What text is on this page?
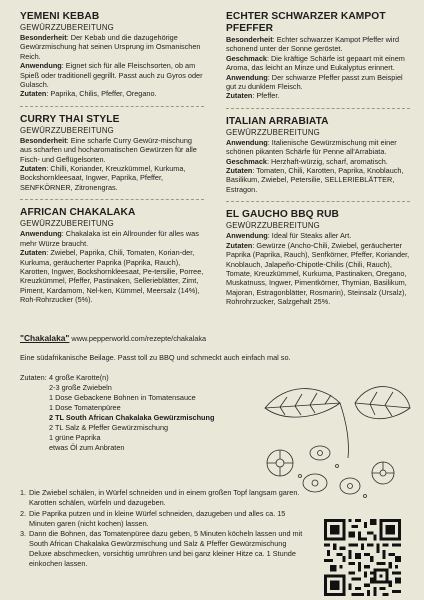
YEMENI KEBAB
GEWÜRZZUBEREITUNG

Besonderheit: Der Kebab und die dazugehörige Gewürzmischung hat seinen Ursprung im Osmanischen Reich.

Anwendung: Eignet sich für alle Fleischsorten, ob am Spieß oder traditionell gegrillt. Passt auch zu Gyros oder Gulasch.

Zutaten: Paprika, Chilis, Pfeffer, Oregano.

CURRY THAI STYLE
GEWÜRZZUBEREITUNG

Besonderheit: Eine scharfe Curry Gewürz-mischung aus scharfen und hocharomatischen Gewürzen für alle Fisch- und Geflügelsorten.

Zutaten: Chilli, Koriander, Kreuzkümmel, Kurkuma, Bockshornkleesaat, Ingwer, Paprika, Pfeffer, SENFKÖRNER, Zitronengras.

AFRICAN CHAKALAKA
GEWÜRZZUBEREITUNG

Anwendung: Chakalaka ist ein Allrounder für alles was mehr Würze braucht.

Zutaten: Zwiebel, Paprika, Chili, Tomaten, Korian-der, Kurkuma, geräucherter Paprika (Paprika, Rauch), Karotten, Ingwer, Bockshornkleesaat, Pe-tersilie, Porree, Kreuzkümmel, Pfeffer, Pastinaken, Sellerieblätter, Zimt, Piment, Kardamom, Nel-ken, Kümmel, Meersalz (14%), Roh-Rohrzucker (5%).

ECHTER SCHWARZER KAMPOT PFEFFER

Besonderheit: Echter schwarzer Kampot Pfeffer wird schonend unter der Sonne geröstet.

Geschmack: Die kräftige Schärfe ist gepaart mit einem Aroma, das leicht an Minze und Eukalyptus erinnert.

Anwendung: Der schwarze Pfeffer passt zum Beispiel gut zu dunklem Fleisch.

Zutaten: Pfeffer.

ITALIAN ARRABIATA
GEWÜRZZUBEREITUNG

Anwendung: Italienische Gewürzmischung mit einer schönen pikanten Schärfe für Penne all'Arrabiata.

Geschmack: Herzhaft-würzig, scharf, aromatisch.

Zutaten: Tomaten, Chili, Karotten, Paprika, Knoblauch, Basilikum, Zwiebel, Petersilie, SELLERIEBLÄTTER, Estragon.

EL GAUCHO BBQ RUB
GEWÜRZZUBEREITUNG

Anwendung: Ideal für Steaks aller Art.

Zutaten: Gewürze (Ancho-Chili, Zwiebel, geräucherter Paprika (Paprika, Rauch), Senfkörner, Pfeffer, Koriander, Knoblauch, Jalapeño-Chipotle-Chilis (Chili, Rauch), Tomate, Kreuzkümmel, Kurkuma, Pastinaken, Oregano, Muskatnuss, Ingwer, Pimentkörner, Thymian, Basilikum, Majoran, Estragonblätter, Rosmarin), Steinsalz (Ursalz), Rohrohrzucker, Salzgehalt 25%.

"Chakalaka" www.pepperworld.com/rezepte/chakalaka
Eine südafrikanische Beilage. Passt toll zu BBQ und schmeckt auch einfach mal so.
Zutaten: 4 große Karotte(n)
2-3 große Zwiebeln
1 Dose Gebackene Bohnen in Tomatensauce
1 Dose Tomatenpüree
2 TL South African Chakalaka Gewürzmischung
2 TL Salz & Pfeffer Gewürzmischung
1 grüne Paprika
etwas Öl zum Anbraten
1. Die Zwiebel schälen, in Würfel schneiden und in einem großen Topf langsam garen. Karotten schälen, würfeln und dazugeben.
2. Die Paprika putzen und in kleine Würfel schneiden, dazugeben und alles ca. 15 Minuten garen (nicht kochen) lassen.
3. Dann die Bohnen, das Tomatenpüree dazu geben, 5 Minuten köcheln lassen und mit South African Chakalaka Gewürzmischung und Salz & Pfeffer Gewürzmischung Deluxe abschmecken, vorsichtig umrühren und bei ganz kleiner Hitze ca. 1 Stunde einkochen lassen.
